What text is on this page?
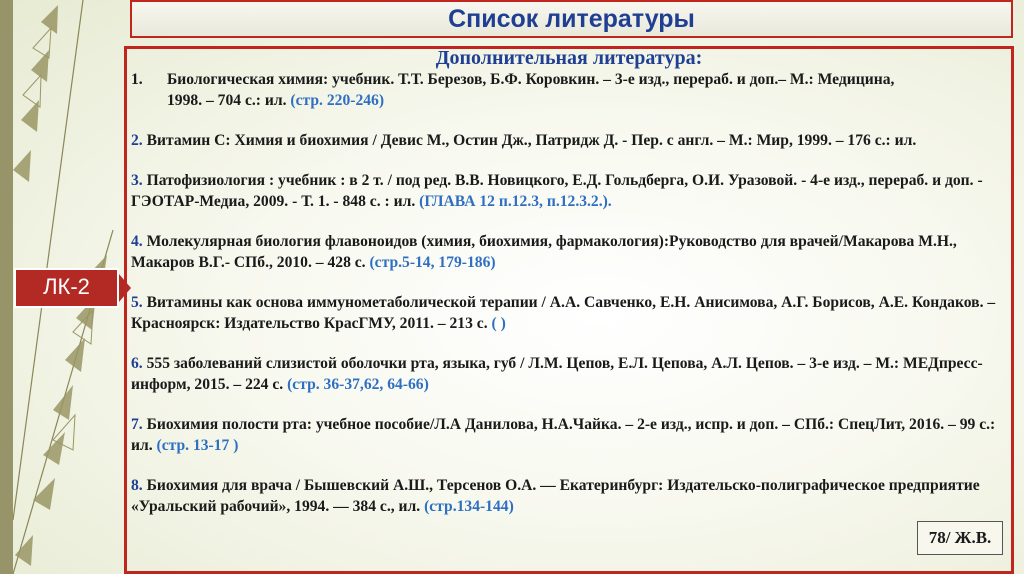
Список литературы
Дополнительная литература:
1.	Биологическая химия: учебник. Т.Т. Березов, Б.Ф. Коровкин. – 3-е изд., перераб. и доп.– М.: Медицина,
1998. – 704 с.: ил. (стр. 220-246)
2. Витамин С: Химия и биохимия / Девис М., Остин Дж., Патридж Д. - Пер. с англ. – М.: Мир, 1999. – 176 с.: ил.
3. Патофизиология : учебник : в 2 т. / под ред. В.В. Новицкого, Е.Д. Гольдберга, О.И. Уразовой. - 4-е изд., перераб. и доп. - ГЭОТАР-Медиа, 2009. - Т. 1. - 848 с. : ил. (ГЛАВА 12 п.12.3, п.12.3.2.).
4. Молекулярная биология флавоноидов (химия, биохимия, фармакология):Руководство для врачей/Макарова М.Н., Макаров В.Г.- СПб., 2010. – 428 с. (стр.5-14, 179-186)
5. Витамины как основа иммунометаболической терапии / А.А. Савченко, Е.Н. Анисимова, А.Г. Борисов, А.Е. Кондаков. – Красноярск: Издательство КрасГМУ, 2011. – 213 с. ( )
6. 555 заболеваний слизистой оболочки рта, языка, губ / Л.М. Цепов, Е.Л. Цепова, А.Л. Цепов. – 3-е изд. – М.: МЕДпресс-информ, 2015. – 224 с. (стр. 36-37,62, 64-66)
7. Биохимия полости рта: учебное пособие/Л.А Данилова, Н.А.Чайка. – 2-е изд., испр. и доп. – СПб.: СпецЛит, 2016. – 99 с.: ил. (стр. 13-17 )
8. Биохимия для врача / Бышевский А.Ш., Терсенов О.А. — Екатеринбург: Издательско-полиграфическое предприятие «Уральский рабочий», 1994. — 384 с., ил. (стр.134-144)
ЛК-2
78/ Ж.В.
